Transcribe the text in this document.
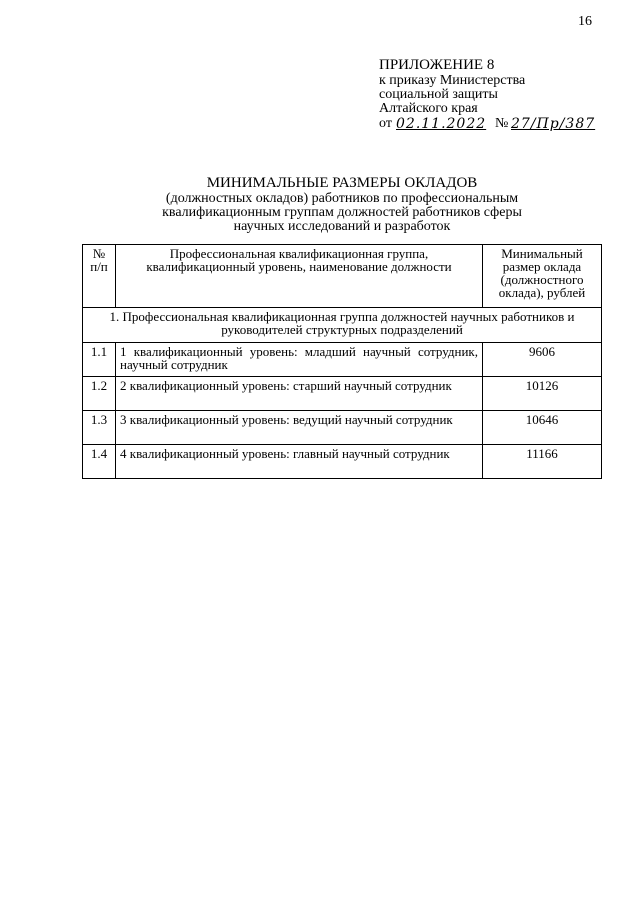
16
ПРИЛОЖЕНИЕ 8
к приказу Министерства
социальной защиты
Алтайского края
от 02.11.2022 № 27/Пр/387
МИНИМАЛЬНЫЕ РАЗМЕРЫ ОКЛАДОВ
(должностных окладов) работников по профессиональным
квалификационным группам должностей работников сферы
научных исследований и разработок
№ п/п	Профессиональная квалификационная группа, квалификационный уровень, наименование должности	Минимальный размер оклада (должностного оклада), рублей
1. Профессиональная квалификационная группа должностей научных работников и руководителей структурных подразделений		
1.1	1 квалификационный уровень: младший научный сотрудник, научный сотрудник	9606
1.2	2 квалификационный уровень: старший научный сотрудник	10126
1.3	3 квалификационный уровень: ведущий научный сотрудник	10646
1.4	4 квалификационный уровень: главный научный сотрудник	11166
